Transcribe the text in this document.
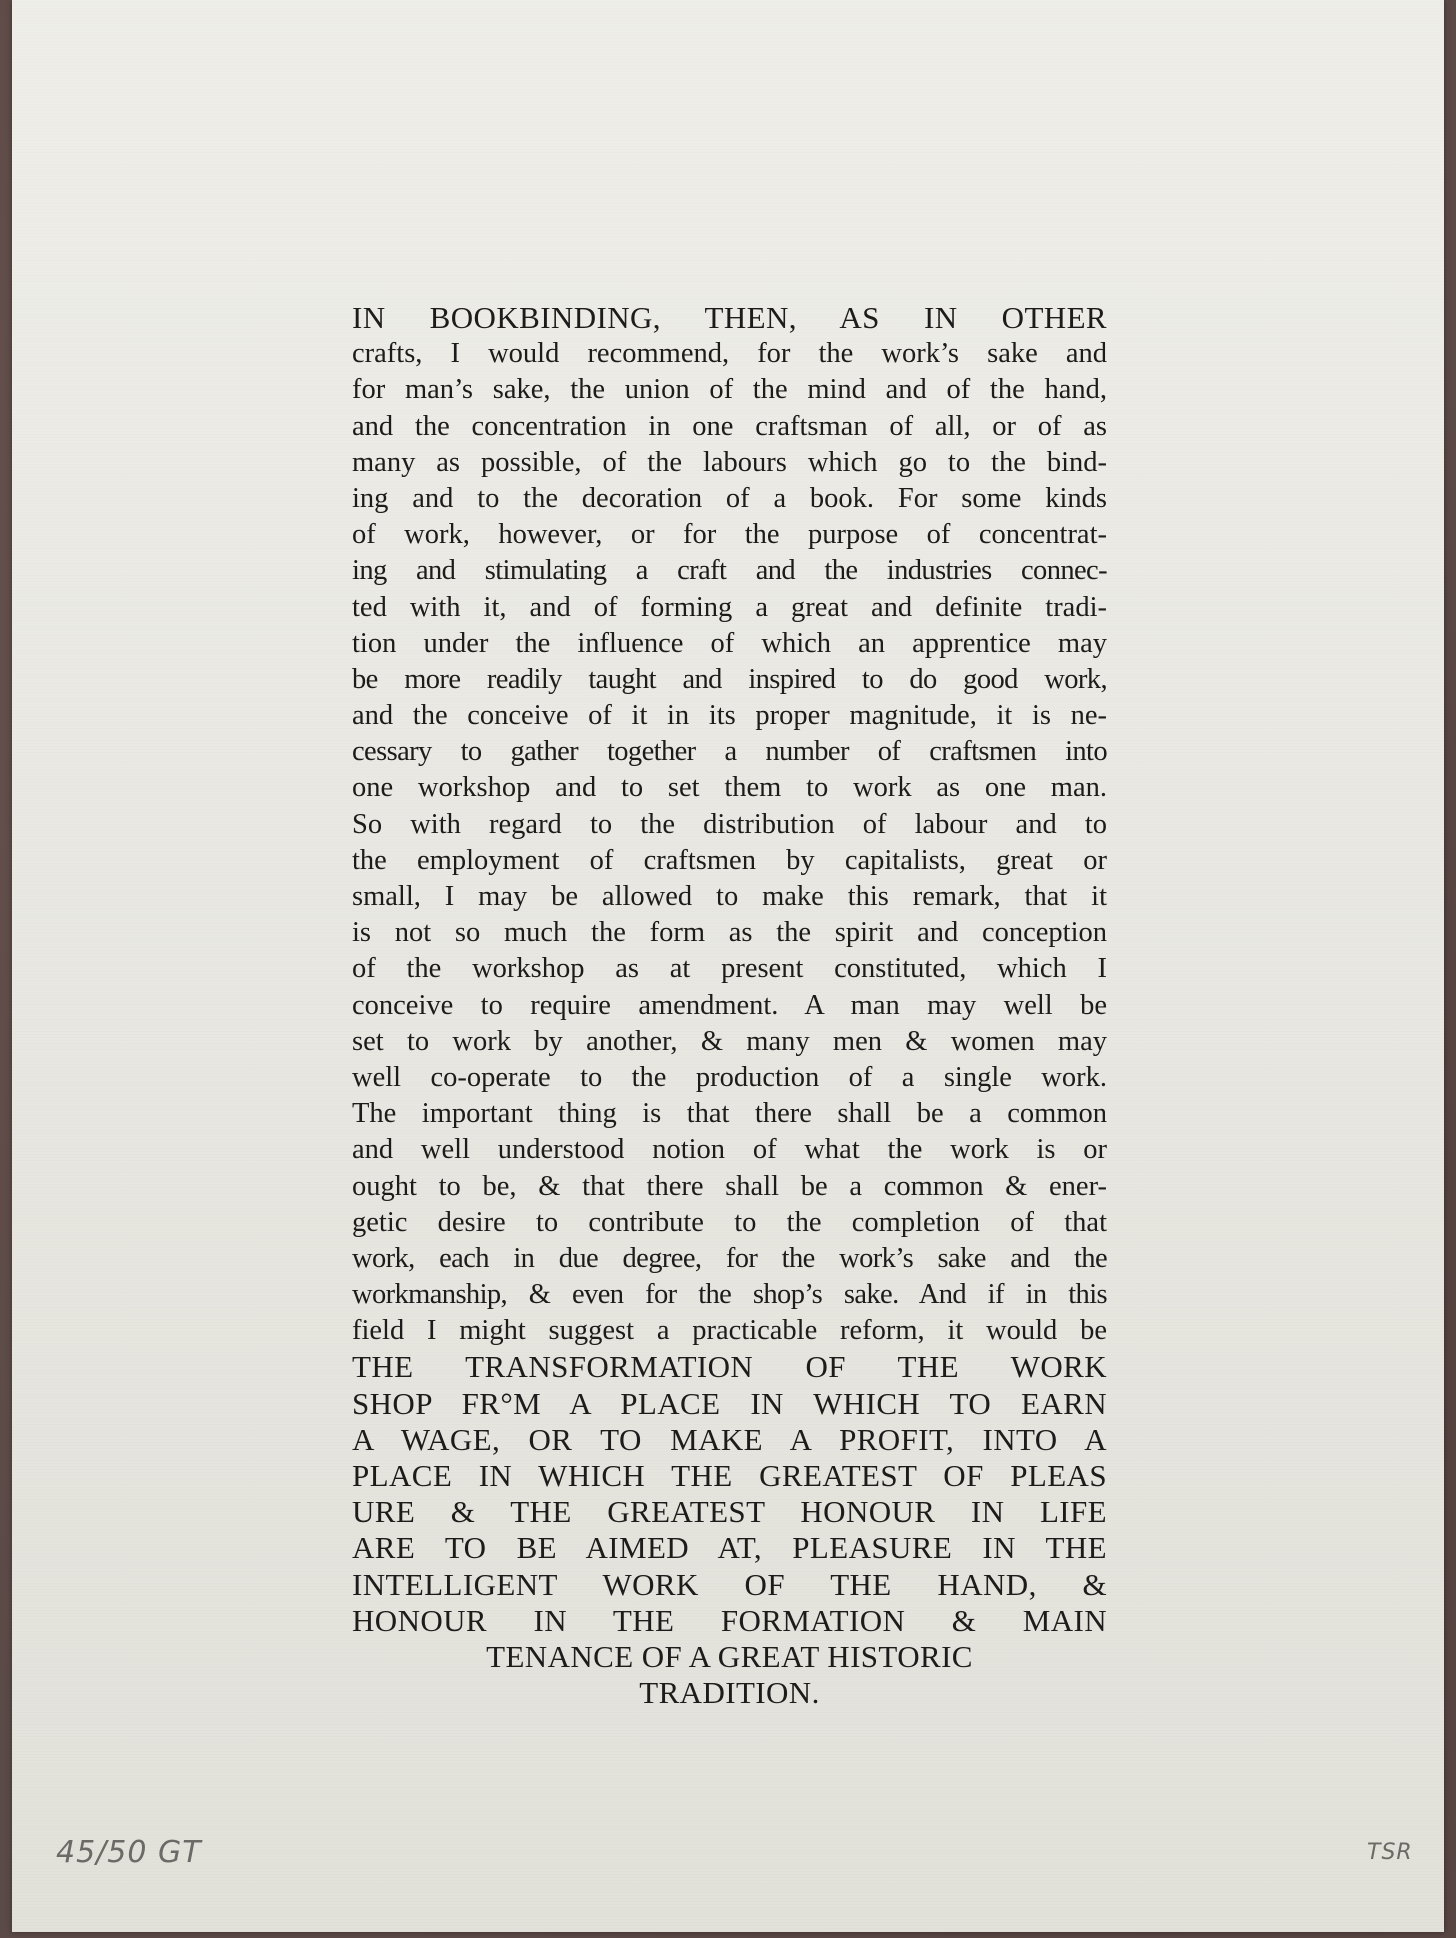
IN BOOKBINDING, THEN, AS IN OTHER
crafts, I would recommend, for the work’s sake and
for man’s sake, the union of the mind and of the hand,
and the concentration in one craftsman of all, or of as
many as possible, of the labours which go to the bind-
ing and to the decoration of a book. For some kinds
of work, however, or for the purpose of concentrat-
ing and stimulating a craft and the industries connec-
ted with it, and of forming a great and definite tradi-
tion under the influence of which an apprentice may
be more readily taught and inspired to do good work,
and the conceive of it in its proper magnitude, it is ne-
cessary to gather together a number of craftsmen into
one workshop and to set them to work as one man.
So with regard to the distribution of labour and to
the employment of craftsmen by capitalists, great or
small, I may be allowed to make this remark, that it
is not so much the form as the spirit and conception
of the workshop as at present constituted, which I
conceive to require amendment. A man may well be
set to work by another, & many men & women may
well co-operate to the production of a single work.
The important thing is that there shall be a common
and well understood notion of what the work is or
ought to be, & that there shall be a common & ener-
getic desire to contribute to the completion of that
work, each in due degree, for the work’s sake and the
workmanship, & even for the shop’s sake. And if in this
field I might suggest a practicable reform, it would be
THE TRANSFORMATION OF THE WORK
SHOP FR°M A PLACE IN WHICH TO EARN
A WAGE, OR TO MAKE A PROFIT, INTO A
PLACE IN WHICH THE GREATEST OF PLEAS
URE & THE GREATEST HONOUR IN LIFE
ARE TO BE AIMED AT, PLEASURE IN THE
INTELLIGENT WORK OF THE HAND, &
HONOUR IN THE FORMATION & MAIN
TENANCE OF A GREAT HISTORIC
TRADITION.
45/50 GT	TSR
